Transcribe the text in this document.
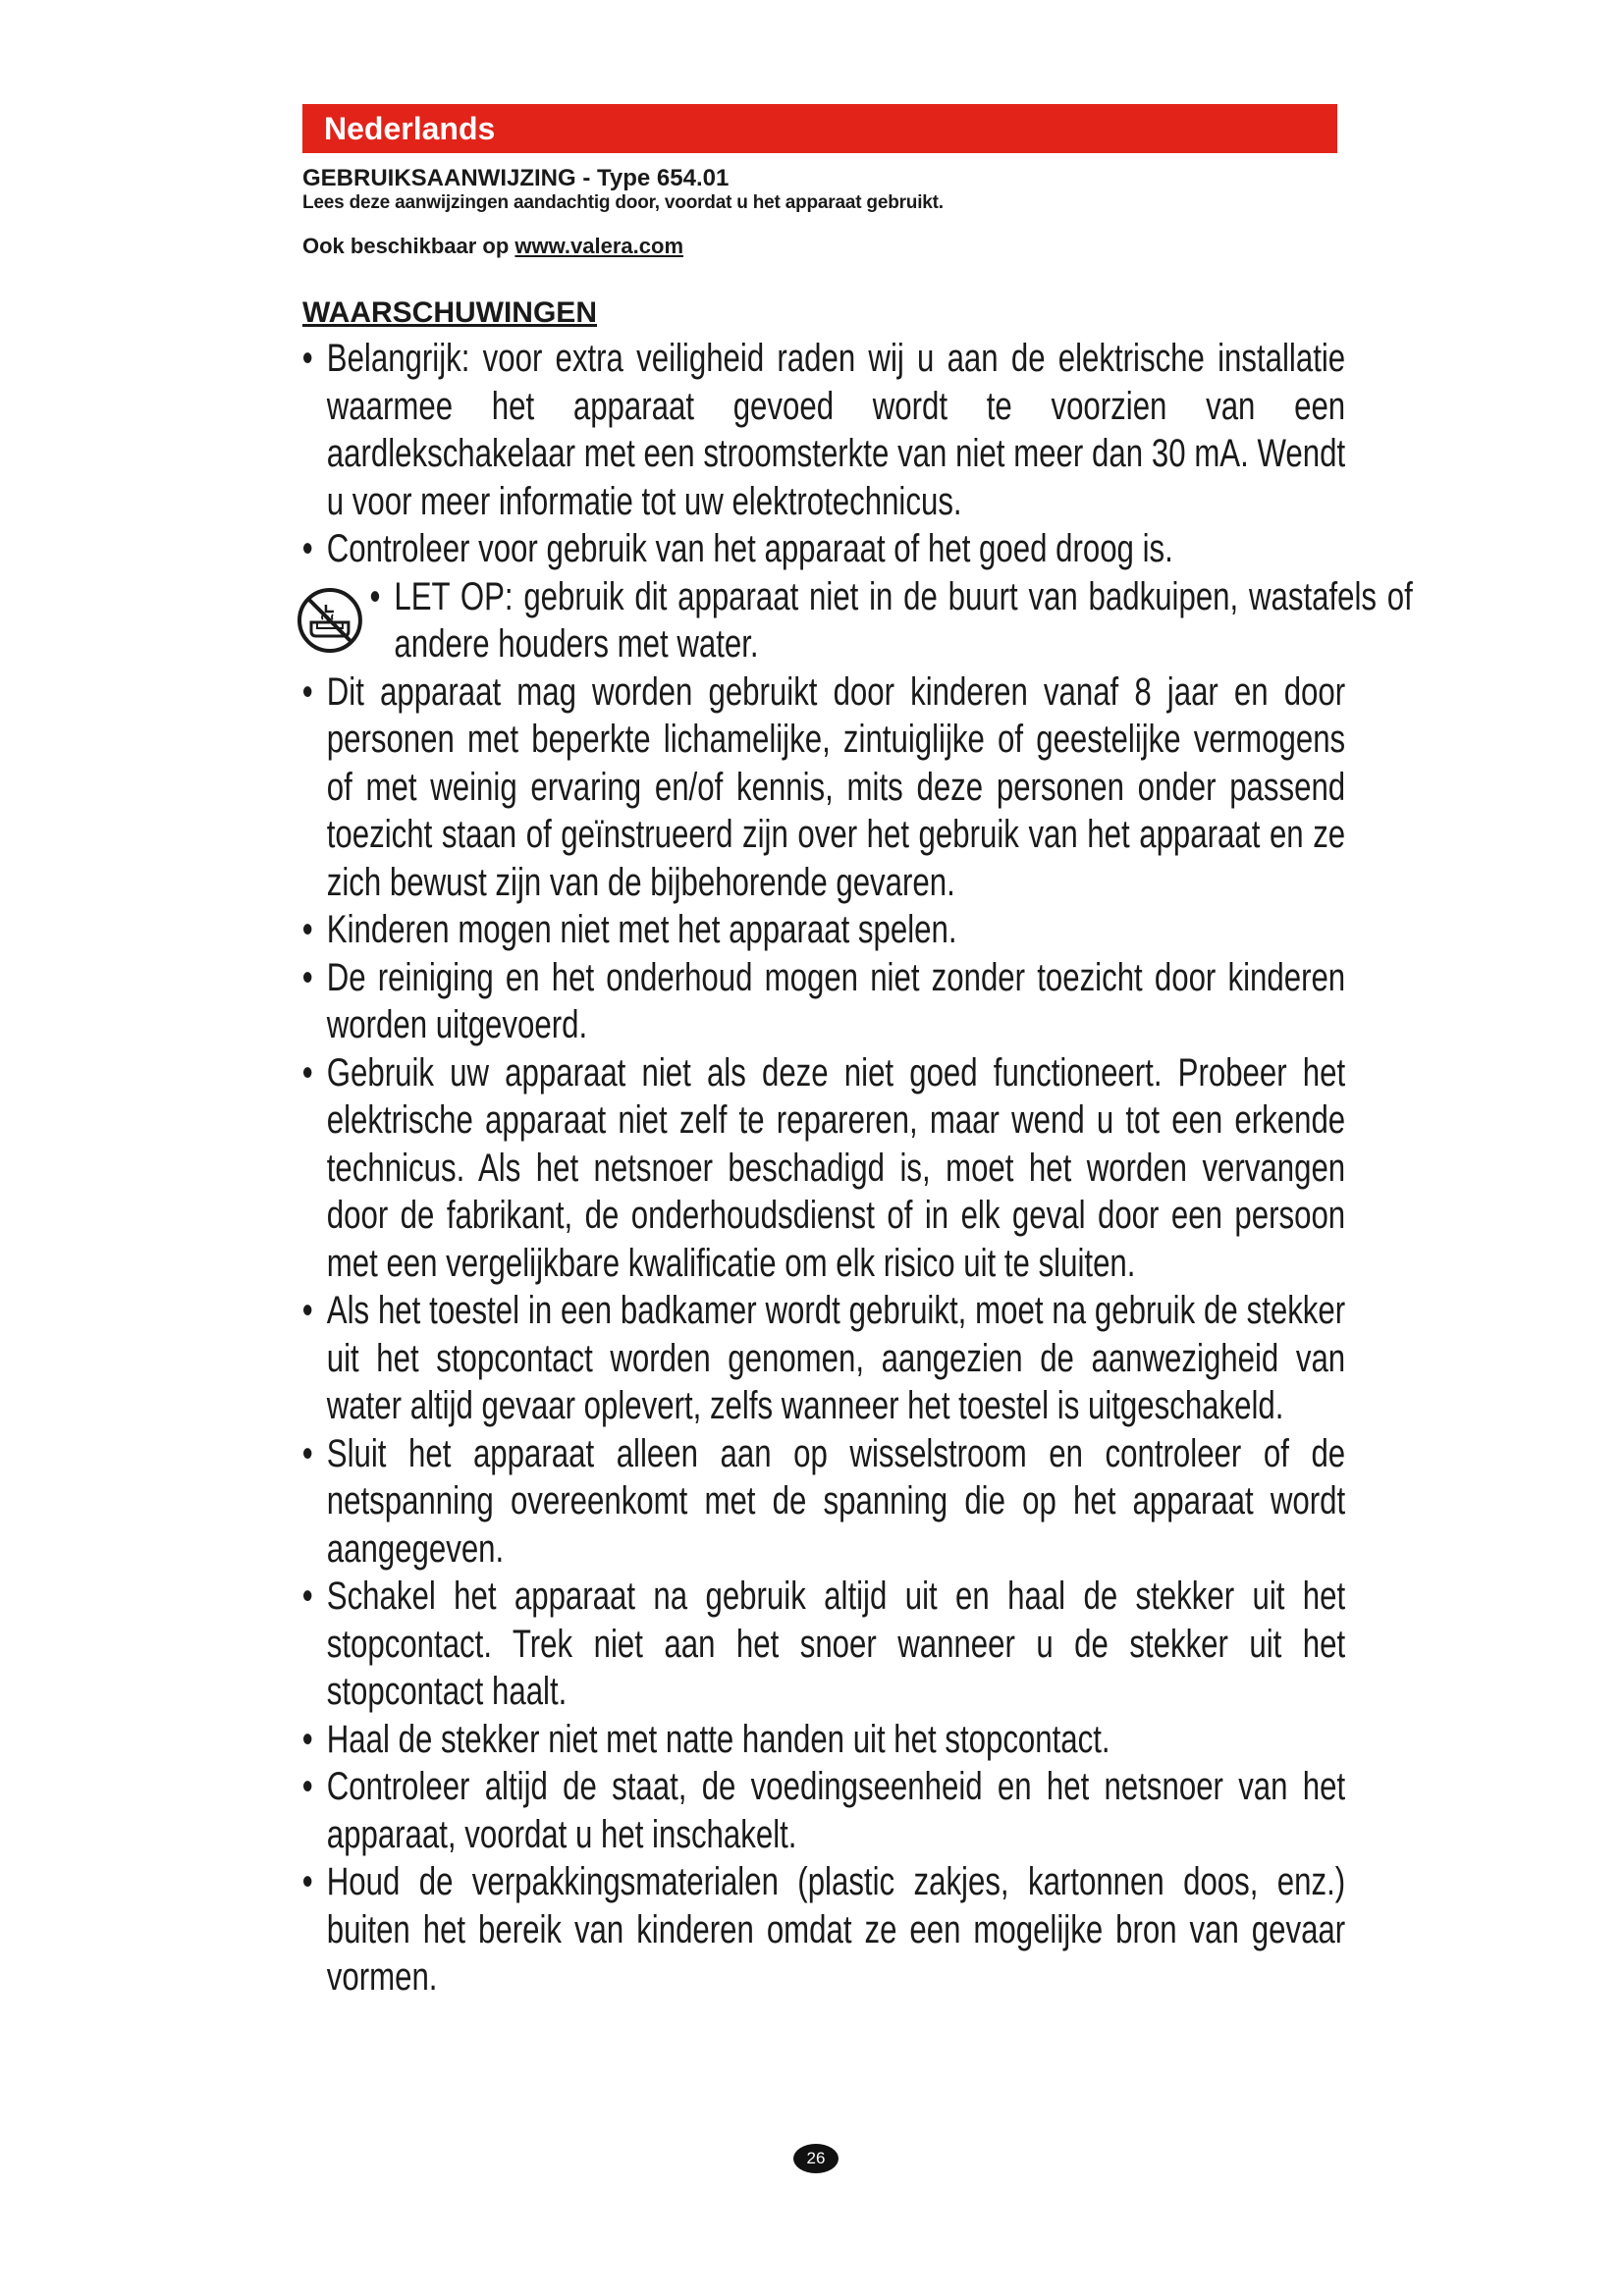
Nederlands
GEBRUIKSAANWIJZING - Type 654.01
Lees deze aanwijzingen aandachtig door, voordat u het apparaat gebruikt.
Ook beschikbaar op www.valera.com
WAARSCHUWINGEN
• Belangrijk: voor extra veiligheid raden wij u aan de elektrische installatie waarmee het apparaat gevoed wordt te voorzien van een aardlekschakelaar met een stroomsterkte van niet meer dan 30 mA. Wendt u voor meer informatie tot uw elektrotechnicus.
• Controleer voor gebruik van het apparaat of het goed droog is.
• LET OP: gebruik dit apparaat niet in de buurt van badkuipen, wastafels of andere houders met water.
• Dit apparaat mag worden gebruikt door kinderen vanaf 8 jaar en door personen met beperkte lichamelijke, zintuiglijke of geestelijke vermogens of met weinig ervaring en/of kennis, mits deze personen onder passend toezicht staan of geïnstrueerd zijn over het gebruik van het apparaat en ze zich bewust zijn van de bijbehorende gevaren.
• Kinderen mogen niet met het apparaat spelen.
• De reiniging en het onderhoud mogen niet zonder toezicht door kinderen worden uitgevoerd.
• Gebruik uw apparaat niet als deze niet goed functioneert. Probeer het elektrische apparaat niet zelf te repareren, maar wend u tot een erkende technicus. Als het netsnoer beschadigd is, moet het worden vervangen door de fabrikant, de onderhoudsdienst of in elk geval door een persoon met een vergelijkbare kwalificatie om elk risico uit te sluiten.
• Als het toestel in een badkamer wordt gebruikt, moet na gebruik de stekker uit het stopcontact worden genomen, aangezien de aanwezigheid van water altijd gevaar oplevert, zelfs wanneer het toestel is uitgeschakeld.
• Sluit het apparaat alleen aan op wisselstroom en controleer of de netspanning overeenkomt met de spanning die op het apparaat wordt aangegeven.
• Schakel het apparaat na gebruik altijd uit en haal de stekker uit het stopcontact. Trek niet aan het snoer wanneer u de stekker uit het stopcontact haalt.
• Haal de stekker niet met natte handen uit het stopcontact.
• Controleer altijd de staat, de voedingseenheid en het netsnoer van het apparaat, voordat u het inschakelt.
• Houd de verpakkingsmaterialen (plastic zakjes, kartonnen doos, enz.) buiten het bereik van kinderen omdat ze een mogelijke bron van gevaar vormen.
26
